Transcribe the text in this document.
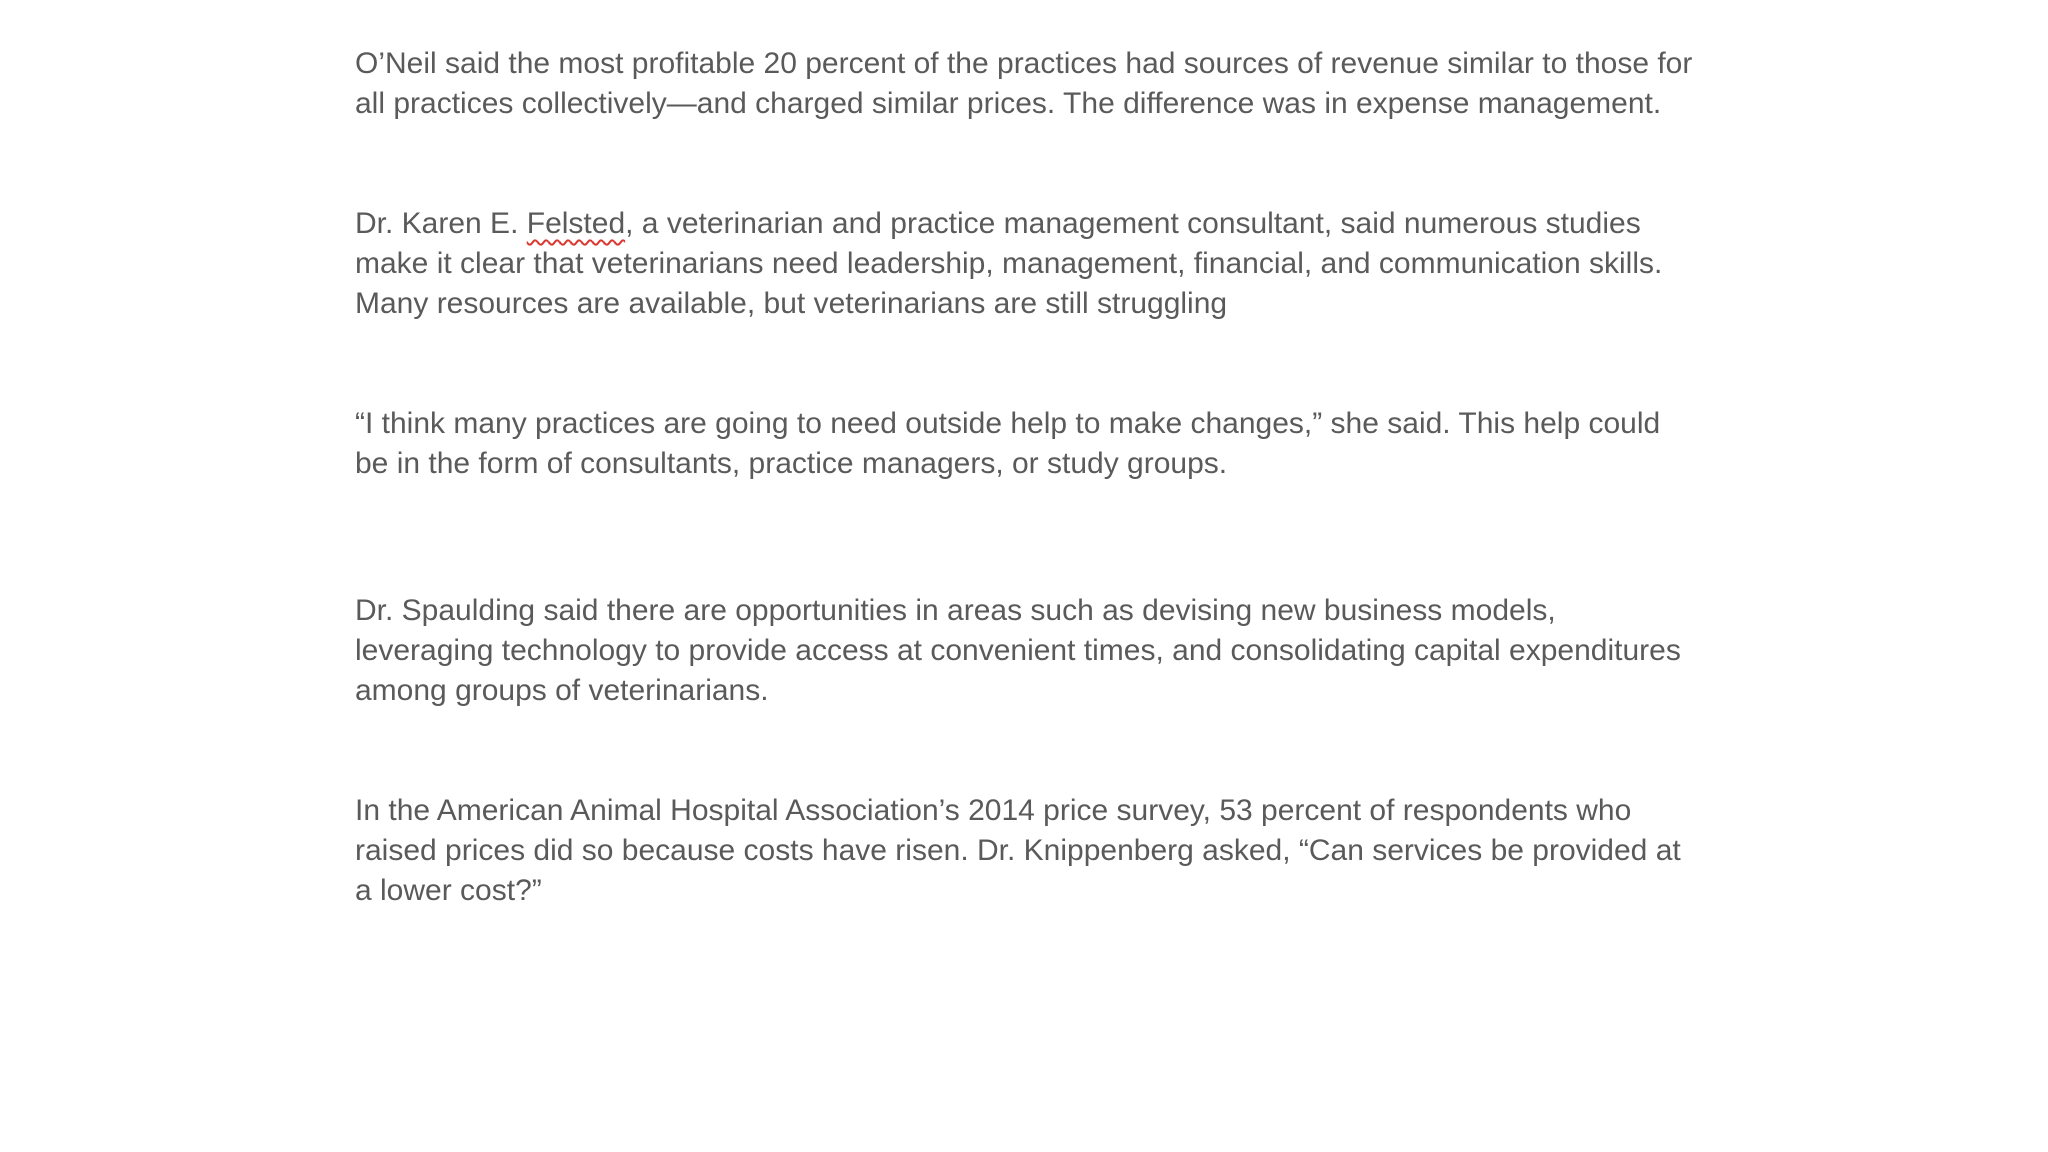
O’Neil said the most profitable 20 percent of the practices had sources of revenue similar to those for all practices collectively—and charged similar prices. The difference was in expense management.

Dr. Karen E. Felsted, a veterinarian and practice management consultant, said numerous studies make it clear that veterinarians need leadership, management, financial, and communication skills. Many resources are available, but veterinarians are still struggling

“I think many practices are going to need outside help to make changes,” she said. This help could be in the form of consultants, practice managers, or study groups.

Dr. Spaulding said there are opportunities in areas such as devising new business models, leveraging technology to provide access at convenient times, and consolidating capital expenditures among groups of veterinarians.

In the American Animal Hospital Association’s 2014 price survey, 53 percent of respondents who raised prices did so because costs have risen. Dr. Knippenberg asked, “Can services be provided at a lower cost?”
